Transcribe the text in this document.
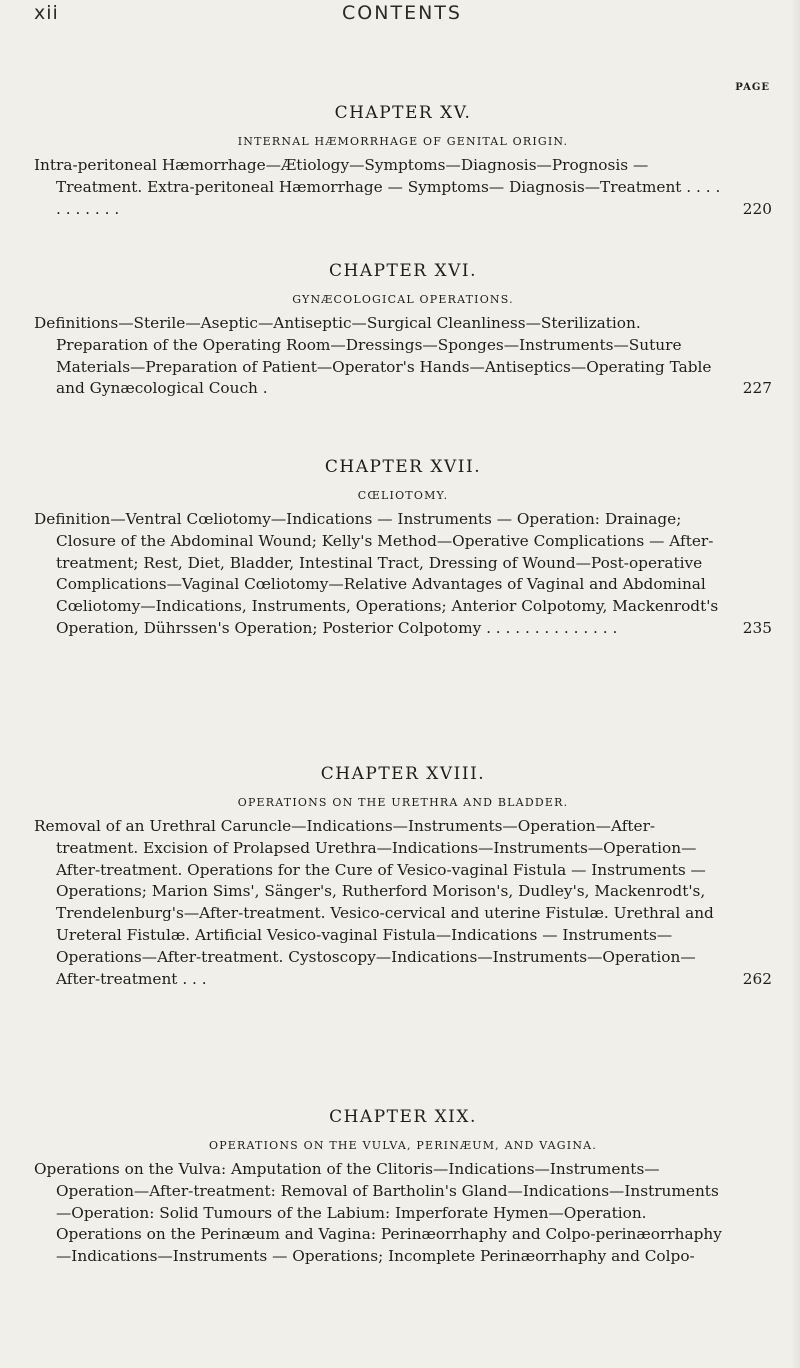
xii	CONTENTS
PAGE

CHAPTER XV.

INTERNAL HÆMORRHAGE OF GENITAL ORIGIN.

Intra-peritoneal Hæmorrhage—Ætiology—Symptoms—Diagnosis—Prognosis — Treatment. Extra-peritoneal Hæmorrhage — Symptoms— Diagnosis—Treatment . . . . . . . . . . .	220

CHAPTER XVI.

GYNÆCOLOGICAL OPERATIONS.

Definitions—Sterile—Aseptic—Antiseptic—Surgical Cleanliness—Sterilization. Preparation of the Operating Room—Dressings—Sponges—Instruments—Suture Materials—Preparation of Patient—Operator's Hands—Antiseptics—Operating Table and Gynæcological Couch .	227

CHAPTER XVII.

CŒLIOTOMY.

Definition—Ventral Cœliotomy—Indications — Instruments — Operation: Drainage; Closure of the Abdominal Wound; Kelly's Method—Operative Complications — After-treatment; Rest, Diet, Bladder, Intestinal Tract, Dressing of Wound—Post-operative Complications—Vaginal Cœliotomy—Relative Advantages of Vaginal and Abdominal Cœliotomy—Indications, Instruments, Operations; Anterior Colpotomy, Mackenrodt's Operation, Dührssen's Operation; Posterior Colpotomy . . . . . . . . . . . . . .	235

CHAPTER XVIII.

OPERATIONS ON THE URETHRA AND BLADDER.

Removal of an Urethral Caruncle—Indications—Instruments—Operation—After-treatment. Excision of Prolapsed Urethra—Indications—Instruments—Operation—After-treatment. Operations for the Cure of Vesico-vaginal Fistula — Instruments — Operations; Marion Sims', Sänger's, Rutherford Morison's, Dudley's, Mackenrodt's, Trendelenburg's—After-treatment. Vesico-cervical and uterine Fistulæ. Urethral and Ureteral Fistulæ. Artificial Vesico-vaginal Fistula—Indications — Instruments—Operations—After-treatment. Cystoscopy—Indications—Instruments—Operation—After-treatment . . .	262

CHAPTER XIX.

OPERATIONS ON THE VULVA, PERINÆUM, AND VAGINA.

Operations on the Vulva: Amputation of the Clitoris—Indications—Instruments—Operation—After-treatment: Removal of Bartholin's Gland—Indications—Instruments—Operation: Solid Tumours of the Labium: Imperforate Hymen—Operation. Operations on the Perinæum and Vagina: Perinæorrhaphy and Colpo-perinæorrhaphy—Indications—Instruments — Operations; Incomplete Perinæorrhaphy and Colpo-
